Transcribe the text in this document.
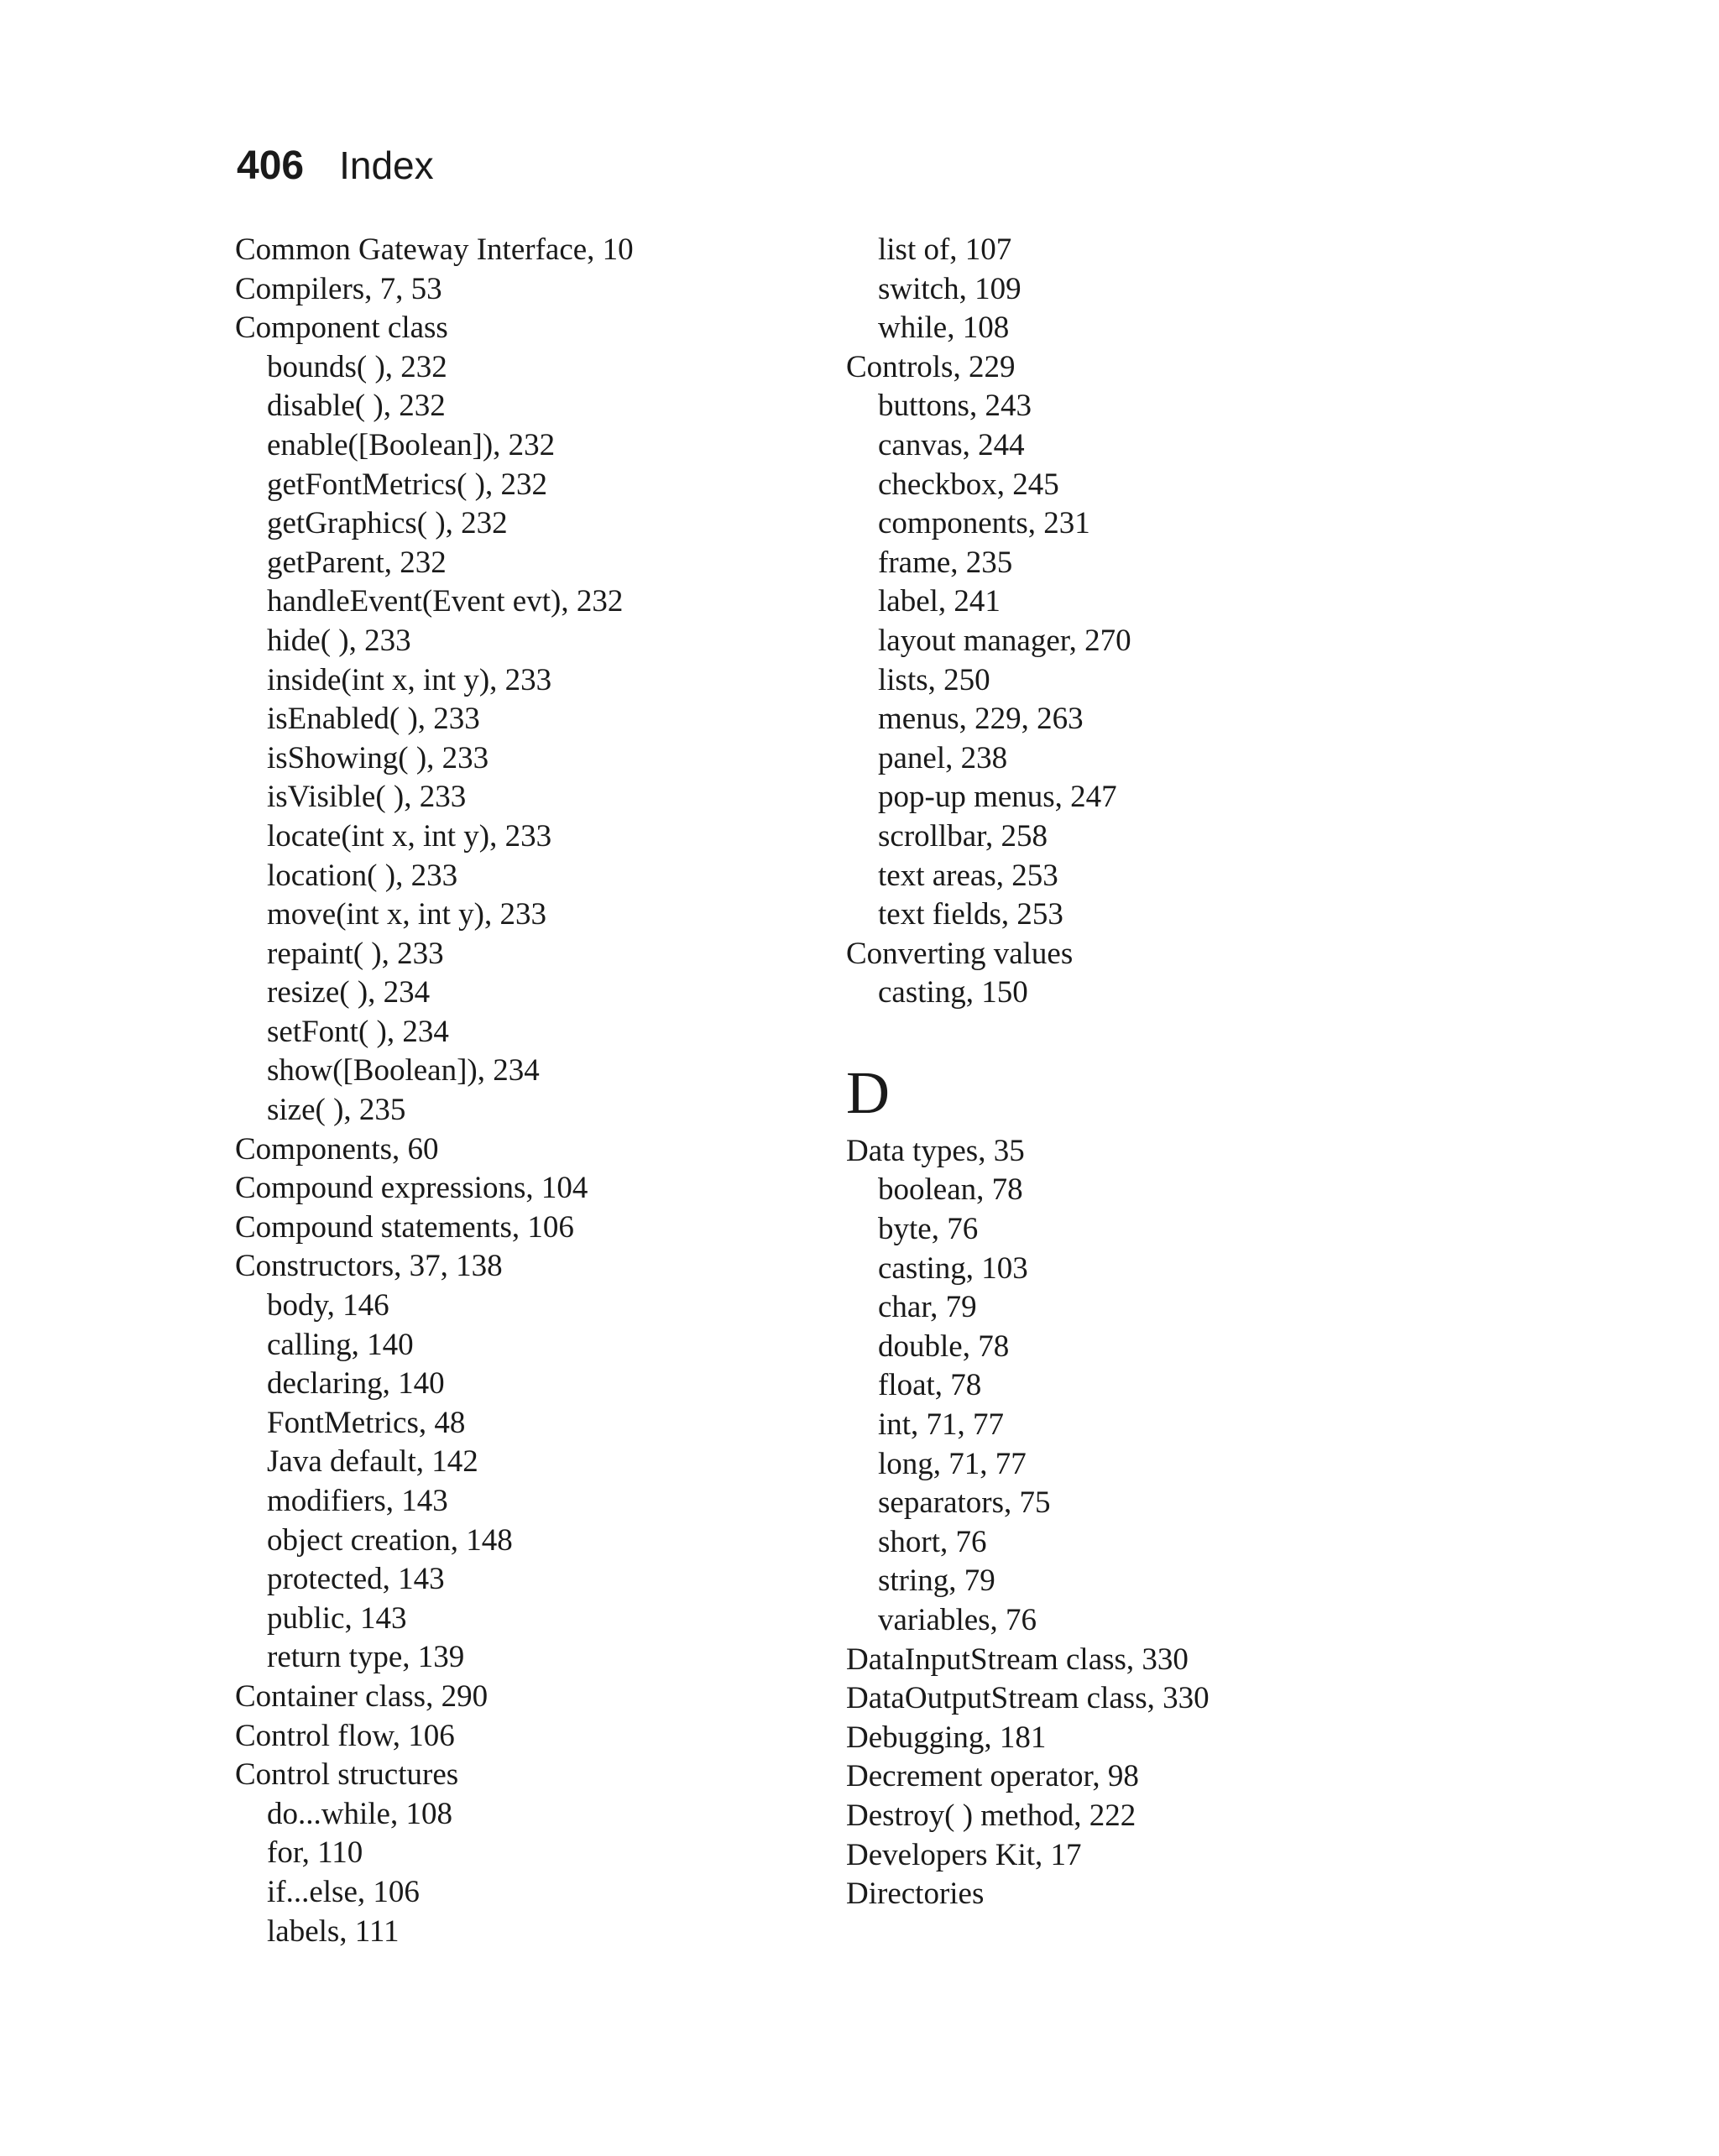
406 Index
Common Gateway Interface, 10
Compilers, 7, 53
Component class
bounds( ), 232
disable( ), 232
enable([Boolean]), 232
getFontMetrics( ), 232
getGraphics( ), 232
getParent, 232
handleEvent(Event evt), 232
hide( ), 233
inside(int x, int y), 233
isEnabled( ), 233
isShowing( ), 233
isVisible( ), 233
locate(int x, int y), 233
location( ), 233
move(int x, int y), 233
repaint( ), 233
resize( ), 234
setFont( ), 234
show([Boolean]), 234
size( ), 235
Components, 60
Compound expressions, 104
Compound statements, 106
Constructors, 37, 138
body, 146
calling, 140
declaring, 140
FontMetrics, 48
Java default, 142
modifiers, 143
object creation, 148
protected, 143
public, 143
return type, 139
Container class, 290
Control flow, 106
Control structures
do...while, 108
for, 110
if...else, 106
labels, 111
list of, 107
switch, 109
while, 108
Controls, 229
buttons, 243
canvas, 244
checkbox, 245
components, 231
frame, 235
label, 241
layout manager, 270
lists, 250
menus, 229, 263
panel, 238
pop-up menus, 247
scrollbar, 258
text areas, 253
text fields, 253
Converting values
casting, 150
D
Data types, 35
boolean, 78
byte, 76
casting, 103
char, 79
double, 78
float, 78
int, 71, 77
long, 71, 77
separators, 75
short, 76
string, 79
variables, 76
DataInputStream class, 330
DataOutputStream class, 330
Debugging, 181
Decrement operator, 98
Destroy( ) method, 222
Developers Kit, 17
Directories
